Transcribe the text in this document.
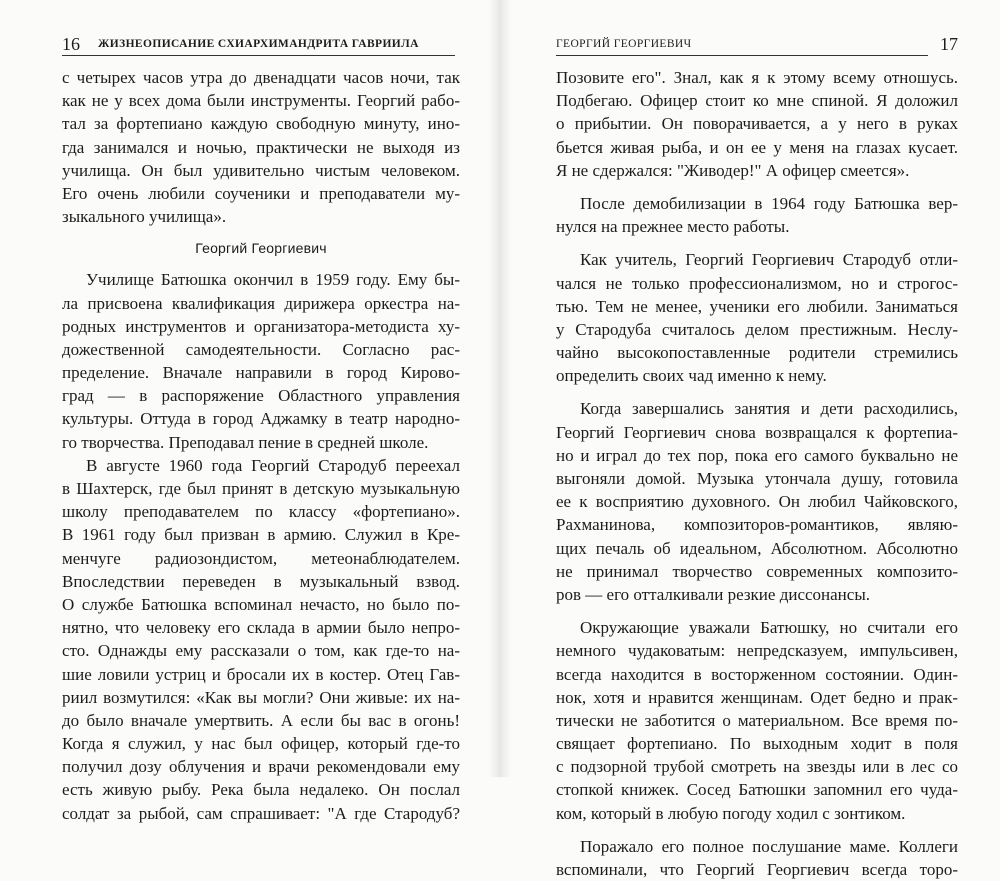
16 ЖИЗНЕОПИСАНИЕ СХИАРХИМАНДРИТА ГАВРИИЛА
с четырех часов утра до двенадцати часов ночи, так
как не у всех дома были инструменты. Георгий рабо-
тал за фортепиано каждую свободную минуту, ино-
гда занимался и ночью, практически не выходя из
училища. Он был удивительно чистым человеком.
Его очень любили соученики и преподаватели му-
зыкального училища».
Георгий Георгиевич
Училище Батюшка окончил в 1959 году. Ему бы-
ла присвоена квалификация дирижера оркестра на-
родных инструментов и организатора-методиста ху-
дожественной самодеятельности. Согласно рас-
пределение. Вначале направили в город Кирово-
град — в распоряжение Областного управления
культуры. Оттуда в город Аджамку в театр народно-
го творчества. Преподавал пение в средней школе.
В августе 1960 года Георгий Стародуб переехал
в Шахтерск, где был принят в детскую музыкальную
школу преподавателем по классу «фортепиано».
В 1961 году был призван в армию. Служил в Кре-
менчуге радиозондистом, метеонаблюдателем.
Впоследствии переведен в музыкальный взвод.
О службе Батюшка вспоминал нечасто, но было по-
нятно, что человеку его склада в армии было непро-
сто. Однажды ему рассказали о том, как где-то на-
шие ловили устриц и бросали их в костер. Отец Гав-
риил возмутился: «Как вы могли? Они живые: их на-
до было вначале умертвить. А если бы вас в огонь!
Когда я служил, у нас был офицер, который где-то
получил дозу облучения и врачи рекомендовали ему
есть живую рыбу. Река была недалеко. Он послал
солдат за рыбой, сам спрашивает: "А где Стародуб?
ГЕОРГИЙ ГЕОРГИЕВИЧ	17
Позовите его". Знал, как я к этому всему отношусь.
Подбегаю. Офицер стоит ко мне спиной. Я доложил
о прибытии. Он поворачивается, а у него в руках
бьется живая рыба, и он ее у меня на глазах кусает.
Я не сдержался: "Живодер!" А офицер смеется».
После демобилизации в 1964 году Батюшка вер-
нулся на прежнее место работы.
Как учитель, Георгий Георгиевич Стародуб отли-
чался не только профессионализмом, но и строгос-
тью. Тем не менее, ученики его любили. Заниматься
у Стародуба считалось делом престижным. Неслу-
чайно высокопоставленные родители стремились
определить своих чад именно к нему.
Когда завершались занятия и дети расходились,
Георгий Георгиевич снова возвращался к фортепиа-
но и играл до тех пор, пока его самого буквально не
выгоняли домой. Музыка утончала душу, готовила
ее к восприятию духовного. Он любил Чайковского,
Рахманинова, композиторов-романтиков, являю-
щих печаль об идеальном, Абсолютном. Абсолютно
не принимал творчество современных композито-
ров — его отталкивали резкие диссонансы.
Окружающие уважали Батюшку, но считали его
немного чудаковатым: непредсказуем, импульсивен,
всегда находится в восторженном состоянии. Один-
нок, хотя и нравится женщинам. Одет бедно и прак-
тически не заботится о материальном. Все время по-
свящает фортепиано. По выходным ходит в поля
с подзорной трубой смотреть на звезды или в лес со
стопкой книжек. Сосед Батюшки запомнил его чуда-
ком, который в любую погоду ходил с зонтиком.
Поражало его полное послушание маме. Коллеги
вспоминали, что Георгий Георгиевич всегда торо-
